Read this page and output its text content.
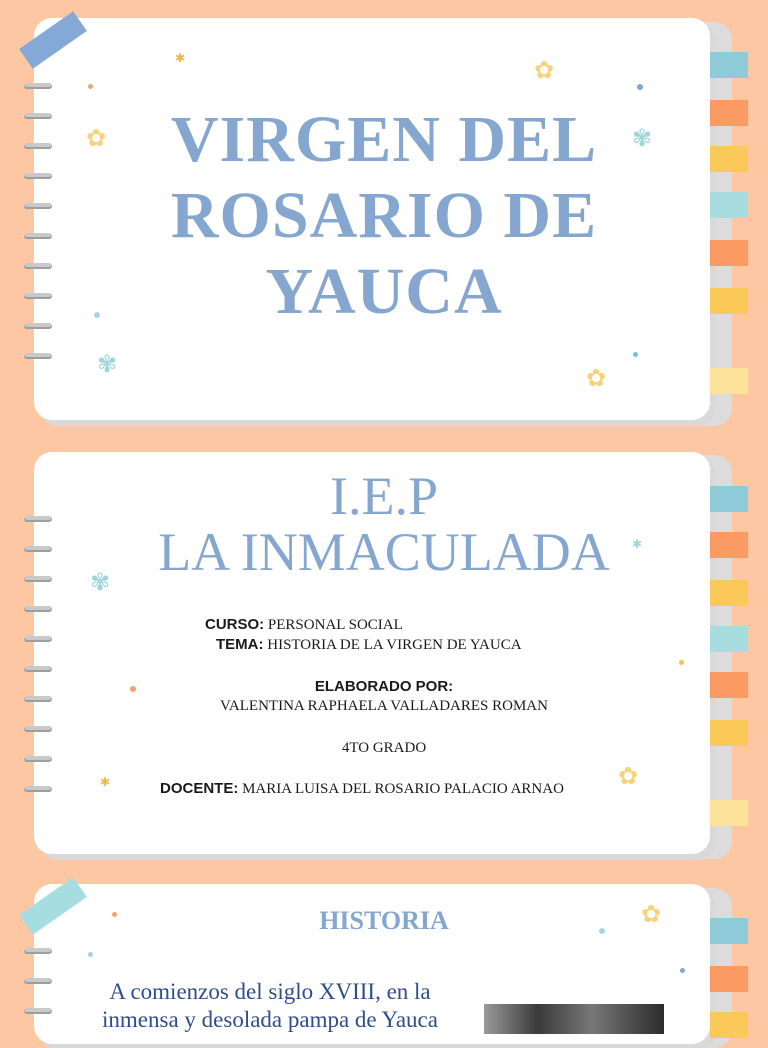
✿
✿
✿
✾
✾
✱
✾
✱
✱	✿
✿
VIRGEN DEL
ROSARIO DE
YAUCA
I.E.P
LA INMACULADA
CURSO: PERSONAL SOCIAL
TEMA: HISTORIA DE LA VIRGEN DE YAUCA
ELABORADO POR:
VALENTINA RAPHAELA VALLADARES ROMAN
4TO GRADO
DOCENTE: MARIA LUISA DEL ROSARIO PALACIO ARNAO
HISTORIA
A comienzos del siglo XVIII, en la
inmensa y desolada pampa de Yauca
